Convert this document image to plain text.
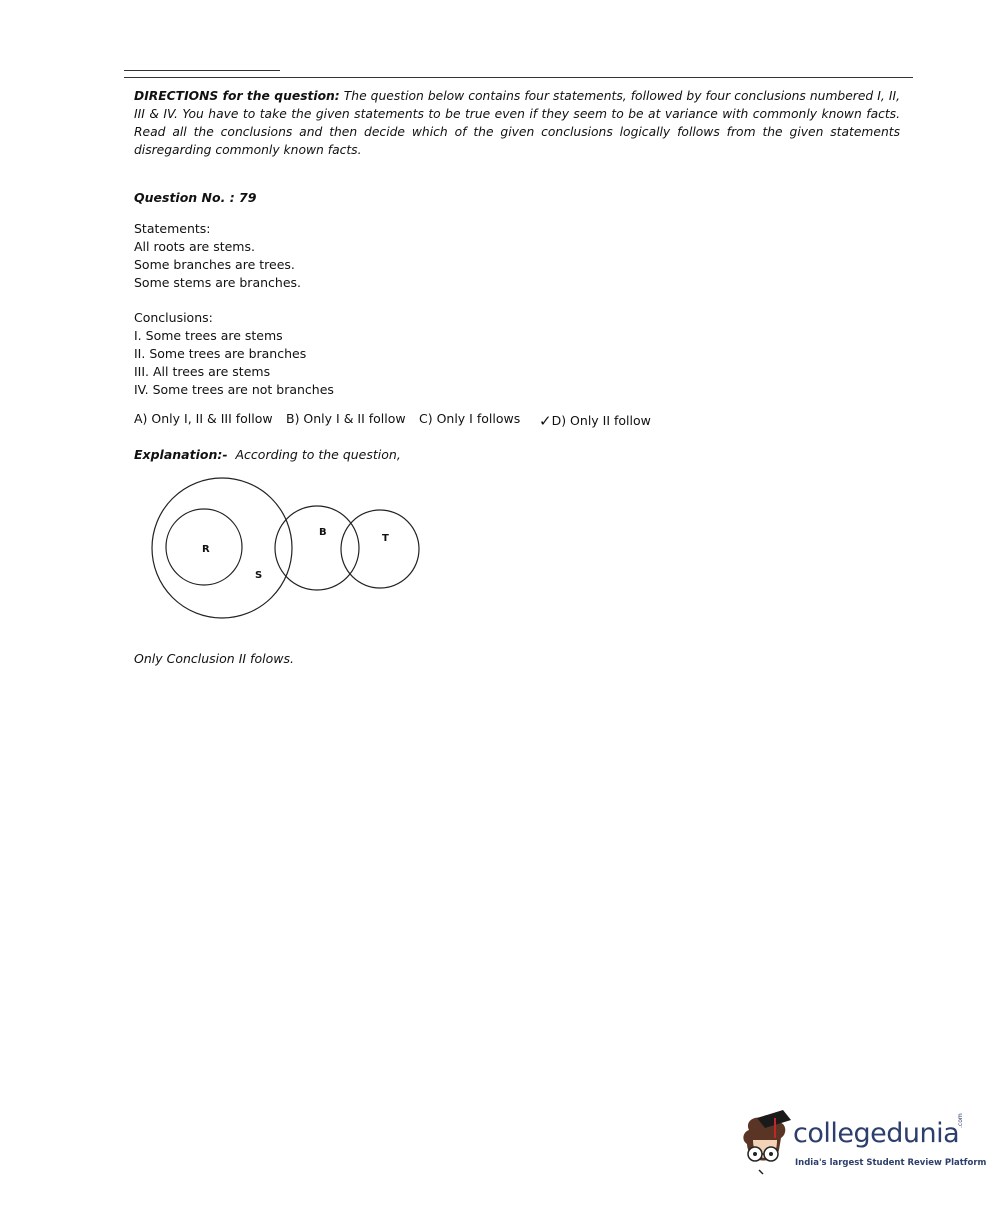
DIRECTIONS for the question: The question below contains four statements, followed by four conclusions numbered I, II, III & IV. You have to take the given statements to be true even if they seem to be at variance with commonly known facts. Read all the conclusions and then decide which of the given conclusions logically follows from the given statements disregarding commonly known facts.
Question No. : 79
Statements:
All roots are stems.
Some branches are trees.
Some stems are branches.
Conclusions:
I. Some trees are stems
II. Some trees are branches
III. All trees are stems
IV. Some trees are not branches
A) Only I, II & III follow B) Only I & II follow C) Only I follows ✓D) Only II follow
Explanation:- According to the question,
R
S
B
T
Only Conclusion II folows.
collegedunia
.com
India's largest Student Review Platform
